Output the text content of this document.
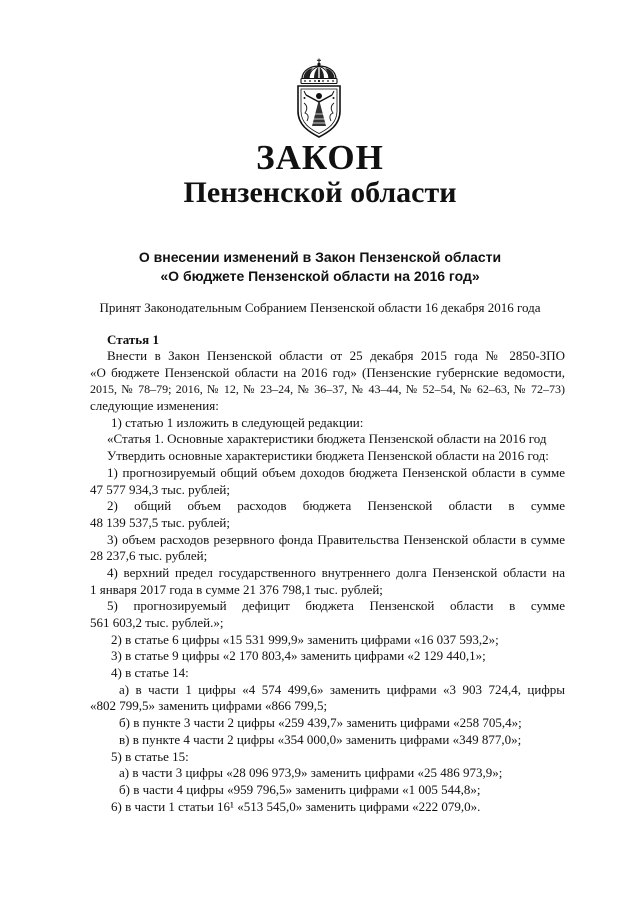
ЗАКОН
Пензенской области
О внесении изменений в Закон Пензенской области
«О бюджете Пензенской области на 2016 год»
Принят Законодательным Собранием Пензенской области 16 декабря 2016 года
Статья 1
Внести в Закон Пензенской области от 25 декабря 2015 года № 2850-ЗПО
«О бюджете Пензенской области на 2016 год» (Пензенские губернские ведомости,
2015, № 78–79; 2016, № 12, № 23–24, № 36–37, № 43–44, № 52–54, № 62–63, № 72–73)
следующие изменения:
1) статью 1 изложить в следующей редакции:
«Статья 1. Основные характеристики бюджета Пензенской области на 2016 год
Утвердить основные характеристики бюджета Пензенской области на 2016 год:
1) прогнозируемый общий объем доходов бюджета Пензенской области в сумме
47 577 934,3 тыс. рублей;
2) общий объем расходов бюджета Пензенской области в сумме
48 139 537,5 тыс. рублей;
3) объем расходов резервного фонда Правительства Пензенской области в сумме
28 237,6 тыс. рублей;
4) верхний предел государственного внутреннего долга Пензенской области на
1 января 2017 года в сумме 21 376 798,1 тыс. рублей;
5) прогнозируемый дефицит бюджета Пензенской области в сумме
561 603,2 тыс. рублей.»;
2) в статье 6 цифры «15 531 999,9» заменить цифрами «16 037 593,2»;
3) в статье 9 цифры «2 170 803,4» заменить цифрами «2 129 440,1»;
4) в статье 14:
а) в части 1 цифры «4 574 499,6» заменить цифрами «3 903 724,4, цифры
«802 799,5» заменить цифрами «866 799,5;
б) в пункте 3 части 2 цифры «259 439,7» заменить цифрами «258 705,4»;
в) в пункте 4 части 2 цифры «354 000,0» заменить цифрами «349 877,0»;
5) в статье 15:
а) в части 3 цифры «28 096 973,9» заменить цифрами «25 486 973,9»;
б) в части 4 цифры «959 796,5» заменить цифрами «1 005 544,8»;
6) в части 1 статьи 16¹ «513 545,0» заменить цифрами «222 079,0».
